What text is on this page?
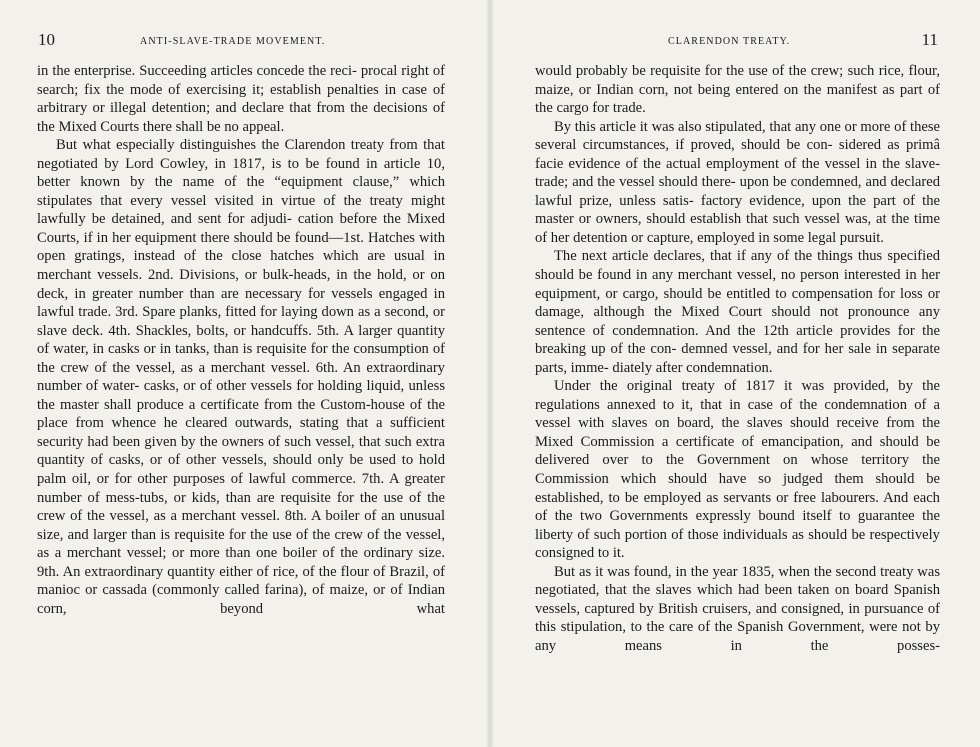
10	ANTI-SLAVE-TRADE MOVEMENT.

in the enterprise. Succeeding articles concede the reci- procal right of search; fix the mode of exercising it; establish penalties in case of arbitrary or illegal detention; and declare that from the decisions of the Mixed Courts there shall be no appeal.

But what especially distinguishes the Clarendon treaty from that negotiated by Lord Cowley, in 1817, is to be found in article 10, better known by the name of the “equipment clause,” which stipulates that every vessel visited in virtue of the treaty might lawfully be detained, and sent for adjudi- cation before the Mixed Courts, if in her equipment there should be found—1st. Hatches with open gratings, instead of the close hatches which are usual in merchant vessels. 2nd. Divisions, or bulk-heads, in the hold, or on deck, in greater number than are necessary for vessels engaged in lawful trade. 3rd. Spare planks, fitted for laying down as a second, or slave deck. 4th. Shackles, bolts, or handcuffs. 5th. A larger quantity of water, in casks or in tanks, than is requisite for the consumption of the crew of the vessel, as a merchant vessel. 6th. An extraordinary number of water- casks, or of other vessels for holding liquid, unless the master shall produce a certificate from the Custom-house of the place from whence he cleared outwards, stating that a sufficient security had been given by the owners of such vessel, that such extra quantity of casks, or of other vessels, should only be used to hold palm oil, or for other purposes of lawful commerce. 7th. A greater number of mess-tubs, or kids, than are requisite for the use of the crew of the vessel, as a merchant vessel. 8th. A boiler of an unusual size, and larger than is requisite for the use of the crew of the vessel, as a merchant vessel; or more than one boiler of the ordinary size. 9th. An extraordinary quantity either of rice, of the flour of Brazil, of manioc or cassada (commonly called farina), of maize, or of Indian corn, beyond what

11
CLARENDON TREATY.

would probably be requisite for the use of the crew; such rice, flour, maize, or Indian corn, not being entered on the manifest as part of the cargo for trade.

By this article it was also stipulated, that any one or more of these several circumstances, if proved, should be con- sidered as primâ facie evidence of the actual employment of the vessel in the slave-trade; and the vessel should there- upon be condemned, and declared lawful prize, unless satis- factory evidence, upon the part of the master or owners, should establish that such vessel was, at the time of her detention or capture, employed in some legal pursuit.

The next article declares, that if any of the things thus specified should be found in any merchant vessel, no person interested in her equipment, or cargo, should be entitled to compensation for loss or damage, although the Mixed Court should not pronounce any sentence of condemnation. And the 12th article provides for the breaking up of the con- demned vessel, and for her sale in separate parts, imme- diately after condemnation.

Under the original treaty of 1817 it was provided, by the regulations annexed to it, that in case of the condemnation of a vessel with slaves on board, the slaves should receive from the Mixed Commission a certificate of emancipation, and should be delivered over to the Government on whose territory the Commission which should have so judged them should be established, to be employed as servants or free labourers. And each of the two Governments expressly bound itself to guarantee the liberty of such portion of those individuals as should be respectively consigned to it.

But as it was found, in the year 1835, when the second treaty was negotiated, that the slaves which had been taken on board Spanish vessels, captured by British cruisers, and consigned, in pursuance of this stipulation, to the care of the Spanish Government, were not by any means in the posses-
